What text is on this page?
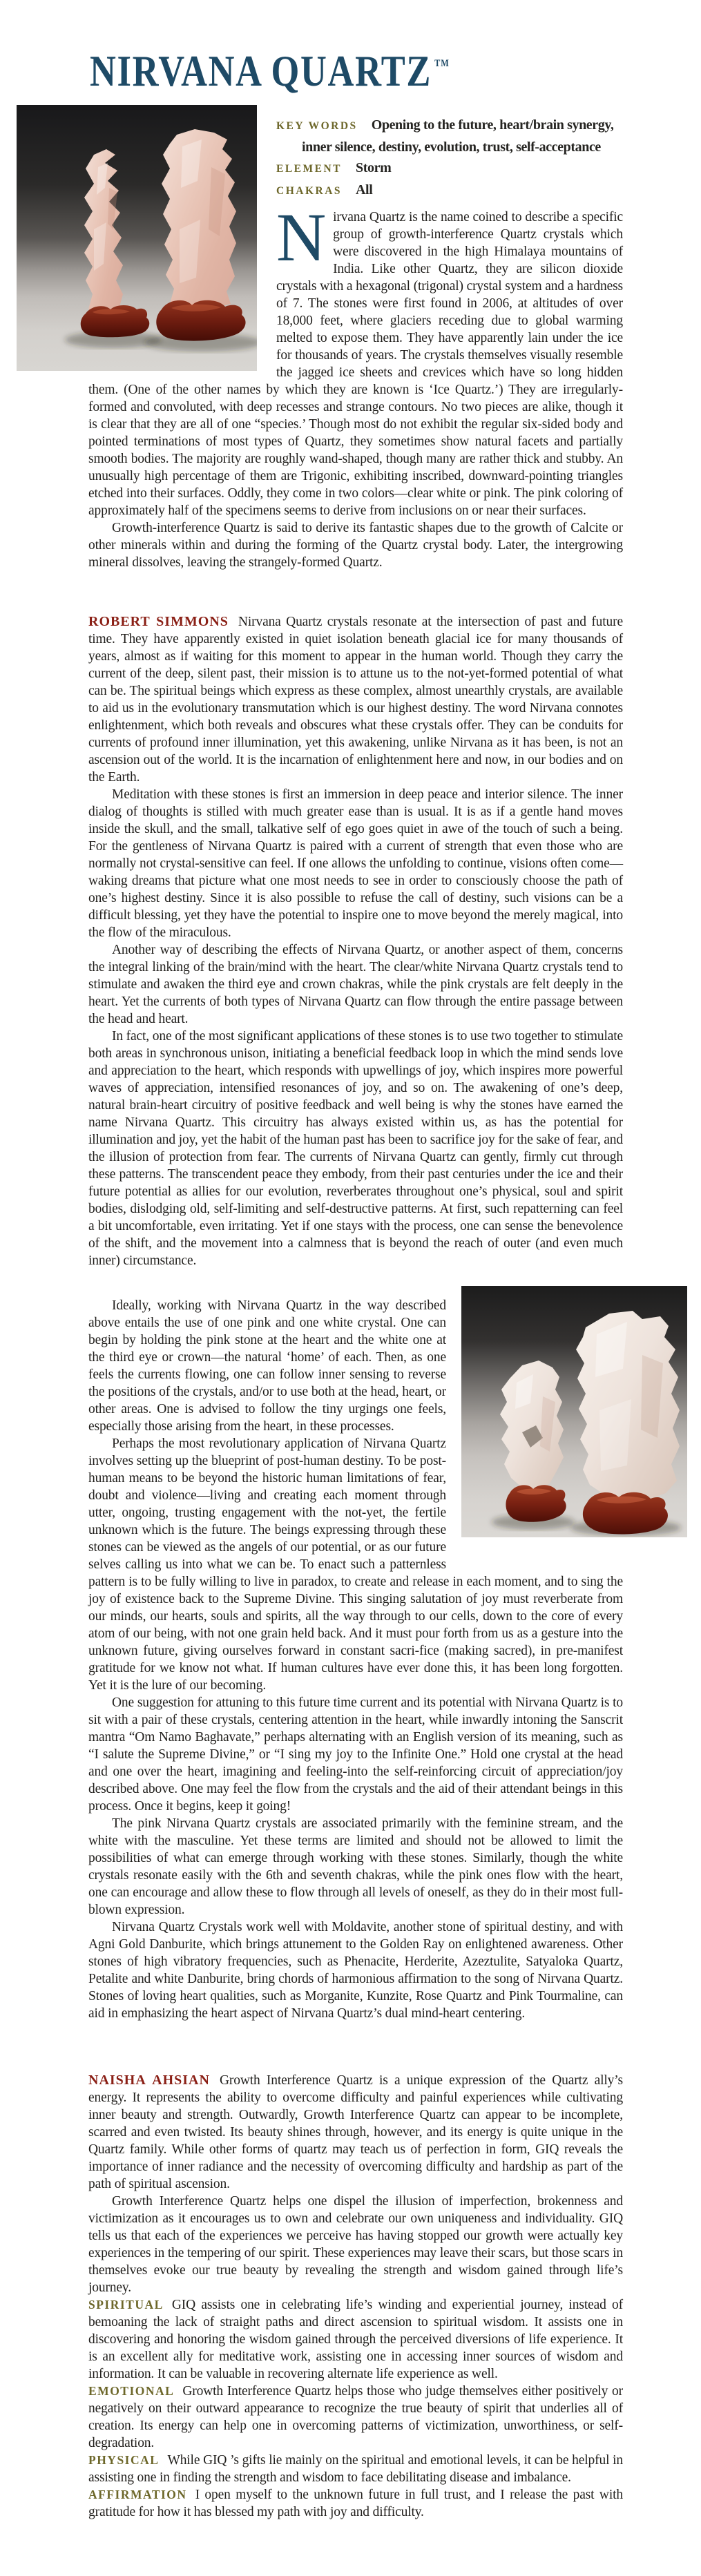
NIRVANA QUARTZ ™

KEY WORDS Opening to the future, heart/brain synergy,
inner silence, destiny, evolution, trust, self-acceptance

ELEMENT Storm

CHAKRAS All

Nirvana Quartz is the name coined to describe a specific group of growth-interference Quartz crystals which were discovered in the high Himalaya mountains of India. Like other Quartz, they are silicon dioxide crystals with a hexagonal (trigonal) crystal system and a hardness of 7. The stones were first found in 2006, at altitudes of over 18,000 feet, where glaciers receding due to global warming melted to expose them. They have apparently lain under the ice for thousands of years. The crystals themselves visually resemble the jagged ice sheets and crevices which have so long hidden them. (One of the other names by which they are known is ‘Ice Quartz.’) They are irregularly-formed and convoluted, with deep recesses and strange contours. No two pieces are alike, though it is clear that they are all of one “species.’ Though most do not exhibit the regular six-sided body and pointed terminations of most types of Quartz, they sometimes show natural facets and partially smooth bodies. The majority are roughly wand-shaped, though many are rather thick and stubby. An unusually high percentage of them are Trigonic, exhibiting inscribed, downward-pointing triangles etched into their surfaces. Oddly, they come in two colors—clear white or pink. The pink coloring of approximately half of the specimens seems to derive from inclusions on or near their surfaces.

Growth-interference Quartz is said to derive its fantastic shapes due to the growth of Calcite or other minerals within and during the forming of the Quartz crystal body. Later, the intergrowing mineral dissolves, leaving the strangely-formed Quartz.

ROBERT SIMMONS Nirvana Quartz crystals resonate at the intersection of past and future time. They have apparently existed in quiet isolation beneath glacial ice for many thousands of years, almost as if waiting for this moment to appear in the human world. Though they carry the current of the deep, silent past, their mission is to attune us to the not-yet-formed potential of what can be. The spiritual beings which express as these complex, almost unearthly crystals, are available to aid us in the evolutionary transmutation which is our highest destiny. The word Nirvana connotes enlightenment, which both reveals and obscures what these crystals offer. They can be conduits for currents of profound inner illumination, yet this awakening, unlike Nirvana as it has been, is not an ascension out of the world. It is the incarnation of enlightenment here and now, in our bodies and on the Earth.

Meditation with these stones is first an immersion in deep peace and interior silence. The inner dialog of thoughts is stilled with much greater ease than is usual. It is as if a gentle hand moves inside the skull, and the small, talkative self of ego goes quiet in awe of the touch of such a being. For the gentleness of Nirvana Quartz is paired with a current of strength that even those who are normally not crystal-sensitive can feel. If one allows the unfolding to continue, visions often come—waking dreams that picture what one most needs to see in order to consciously choose the path of one’s highest destiny. Since it is also possible to refuse the call of destiny, such visions can be a difficult blessing, yet they have the potential to inspire one to move beyond the merely magical, into the flow of the miraculous.

Another way of describing the effects of Nirvana Quartz, or another aspect of them, concerns the integral linking of the brain/mind with the heart. The clear/white Nirvana Quartz crystals tend to stimulate and awaken the third eye and crown chakras, while the pink crystals are felt deeply in the heart. Yet the currents of both types of Nirvana Quartz can flow through the entire passage between the head and heart.

In fact, one of the most significant applications of these stones is to use two together to stimulate both areas in synchronous unison, initiating a beneficial feedback loop in which the mind sends love and appreciation to the heart, which responds with upwellings of joy, which inspires more powerful waves of appreciation, intensified resonances of joy, and so on. The awakening of one’s deep, natural brain-heart circuitry of positive feedback and well being is why the stones have earned the name Nirvana Quartz. This circuitry has always existed within us, as has the potential for illumination and joy, yet the habit of the human past has been to sacrifice joy for the sake of fear, and the illusion of protection from fear. The currents of Nirvana Quartz can gently, firmly cut through these patterns. The transcendent peace they embody, from their past centuries under the ice and their future potential as allies for our evolution, reverberates throughout one’s physical, soul and spirit bodies, dislodging old, self-limiting and self-destructive patterns. At first, such repatterning can feel a bit uncomfortable, even irritating. Yet if one stays with the process, one can sense the benevolence of the shift, and the movement into a calmness that is beyond the reach of outer (and even much inner) circumstance.

Ideally, working with Nirvana Quartz in the way described above entails the use of one pink and one white crystal. One can begin by holding the pink stone at the heart and the white one at the third eye or crown—the natural ‘home’ of each. Then, as one feels the currents flowing, one can follow inner sensing to reverse the positions of the crystals, and/or to use both at the head, heart, or other areas. One is advised to follow the tiny urgings one feels, especially those arising from the heart, in these processes.

Perhaps the most revolutionary application of Nirvana Quartz involves setting up the blueprint of post-human destiny. To be post-human means to be beyond the historic human limitations of fear, doubt and violence—living and creating each moment through utter, ongoing, trusting engagement with the not-yet, the fertile unknown which is the future. The beings expressing through these stones can be viewed as the angels of our potential, or as our future selves calling us into what we can be. To enact such a patternless pattern is to be fully willing to live in paradox, to create and release in each moment, and to sing the joy of existence back to the Supreme Divine. This singing salutation of joy must reverberate from our minds, our hearts, souls and spirits, all the way through to our cells, down to the core of every atom of our being, with not one grain held back. And it must pour forth from us as a gesture into the unknown future, giving ourselves forward in constant sacri-fice (making sacred), in pre-manifest gratitude for we know not what. If human cultures have ever done this, it has been long forgotten. Yet it is the lure of our becoming.

One suggestion for attuning to this future time current and its potential with Nirvana Quartz is to sit with a pair of these crystals, centering attention in the heart, while inwardly intoning the Sanscrit mantra “Om Namo Baghavate,” perhaps alternating with an English version of its meaning, such as “I salute the Supreme Divine,” or “I sing my joy to the Infinite One.” Hold one crystal at the head and one over the heart, imagining and feeling-into the self-reinforcing circuit of appreciation/joy described above. One may feel the flow from the crystals and the aid of their attendant beings in this process. Once it begins, keep it going!

The pink Nirvana Quartz crystals are associated primarily with the feminine stream, and the white with the masculine. Yet these terms are limited and should not be allowed to limit the possibilities of what can emerge through working with these stones. Similarly, though the white crystals resonate easily with the 6th and seventh chakras, while the pink ones flow with the heart, one can encourage and allow these to flow through all levels of oneself, as they do in their most full-blown expression.

Nirvana Quartz Crystals work well with Moldavite, another stone of spiritual destiny, and with Agni Gold Danburite, which brings attunement to the Golden Ray on enlightened awareness. Other stones of high vibratory frequencies, such as Phenacite, Herderite, Azeztulite, Satyaloka Quartz, Petalite and white Danburite, bring chords of harmonious affirmation to the song of Nirvana Quartz. Stones of loving heart qualities, such as Morganite, Kunzite, Rose Quartz and Pink Tourmaline, can aid in emphasizing the heart aspect of Nirvana Quartz’s dual mind-heart centering.

NAISHA AHSIAN Growth Interference Quartz is a unique expression of the Quartz ally’s energy. It represents the ability to overcome difficulty and painful experiences while cultivating inner beauty and strength. Outwardly, Growth Interference Quartz can appear to be incomplete, scarred and even twisted. Its beauty shines through, however, and its energy is quite unique in the Quartz family. While other forms of quartz may teach us of perfection in form, GIQ reveals the importance of inner radiance and the necessity of overcoming difficulty and hardship as part of the path of spiritual ascension.

Growth Interference Quartz helps one dispel the illusion of imperfection, brokenness and victimization as it encourages us to own and celebrate our own uniqueness and individuality. GIQ tells us that each of the experiences we perceive has having stopped our growth were actually key experiences in the tempering of our spirit. These experiences may leave their scars, but those scars in themselves evoke our true beauty by revealing the strength and wisdom gained through life’s journey.

SPIRITUAL GIQ assists one in celebrating life’s winding and experiential journey, instead of bemoaning the lack of straight paths and direct ascension to spiritual wisdom. It assists one in discovering and honoring the wisdom gained through the perceived diversions of life experience. It is an excellent ally for meditative work, assisting one in accessing inner sources of wisdom and information. It can be valuable in recovering alternate life experience as well.

EMOTIONAL Growth Interference Quartz helps those who judge themselves either positively or negatively on their outward appearance to recognize the true beauty of spirit that underlies all of creation. Its energy can help one in overcoming patterns of victimization, unworthiness, or self-degradation.

PHYSICAL While GIQ ’s gifts lie mainly on the spiritual and emotional levels, it can be helpful in assisting one in finding the strength and wisdom to face debilitating disease and imbalance.

AFFIRMATION I open myself to the unknown future in full trust, and I release the past with gratitude for how it has blessed my path with joy and difficulty.
